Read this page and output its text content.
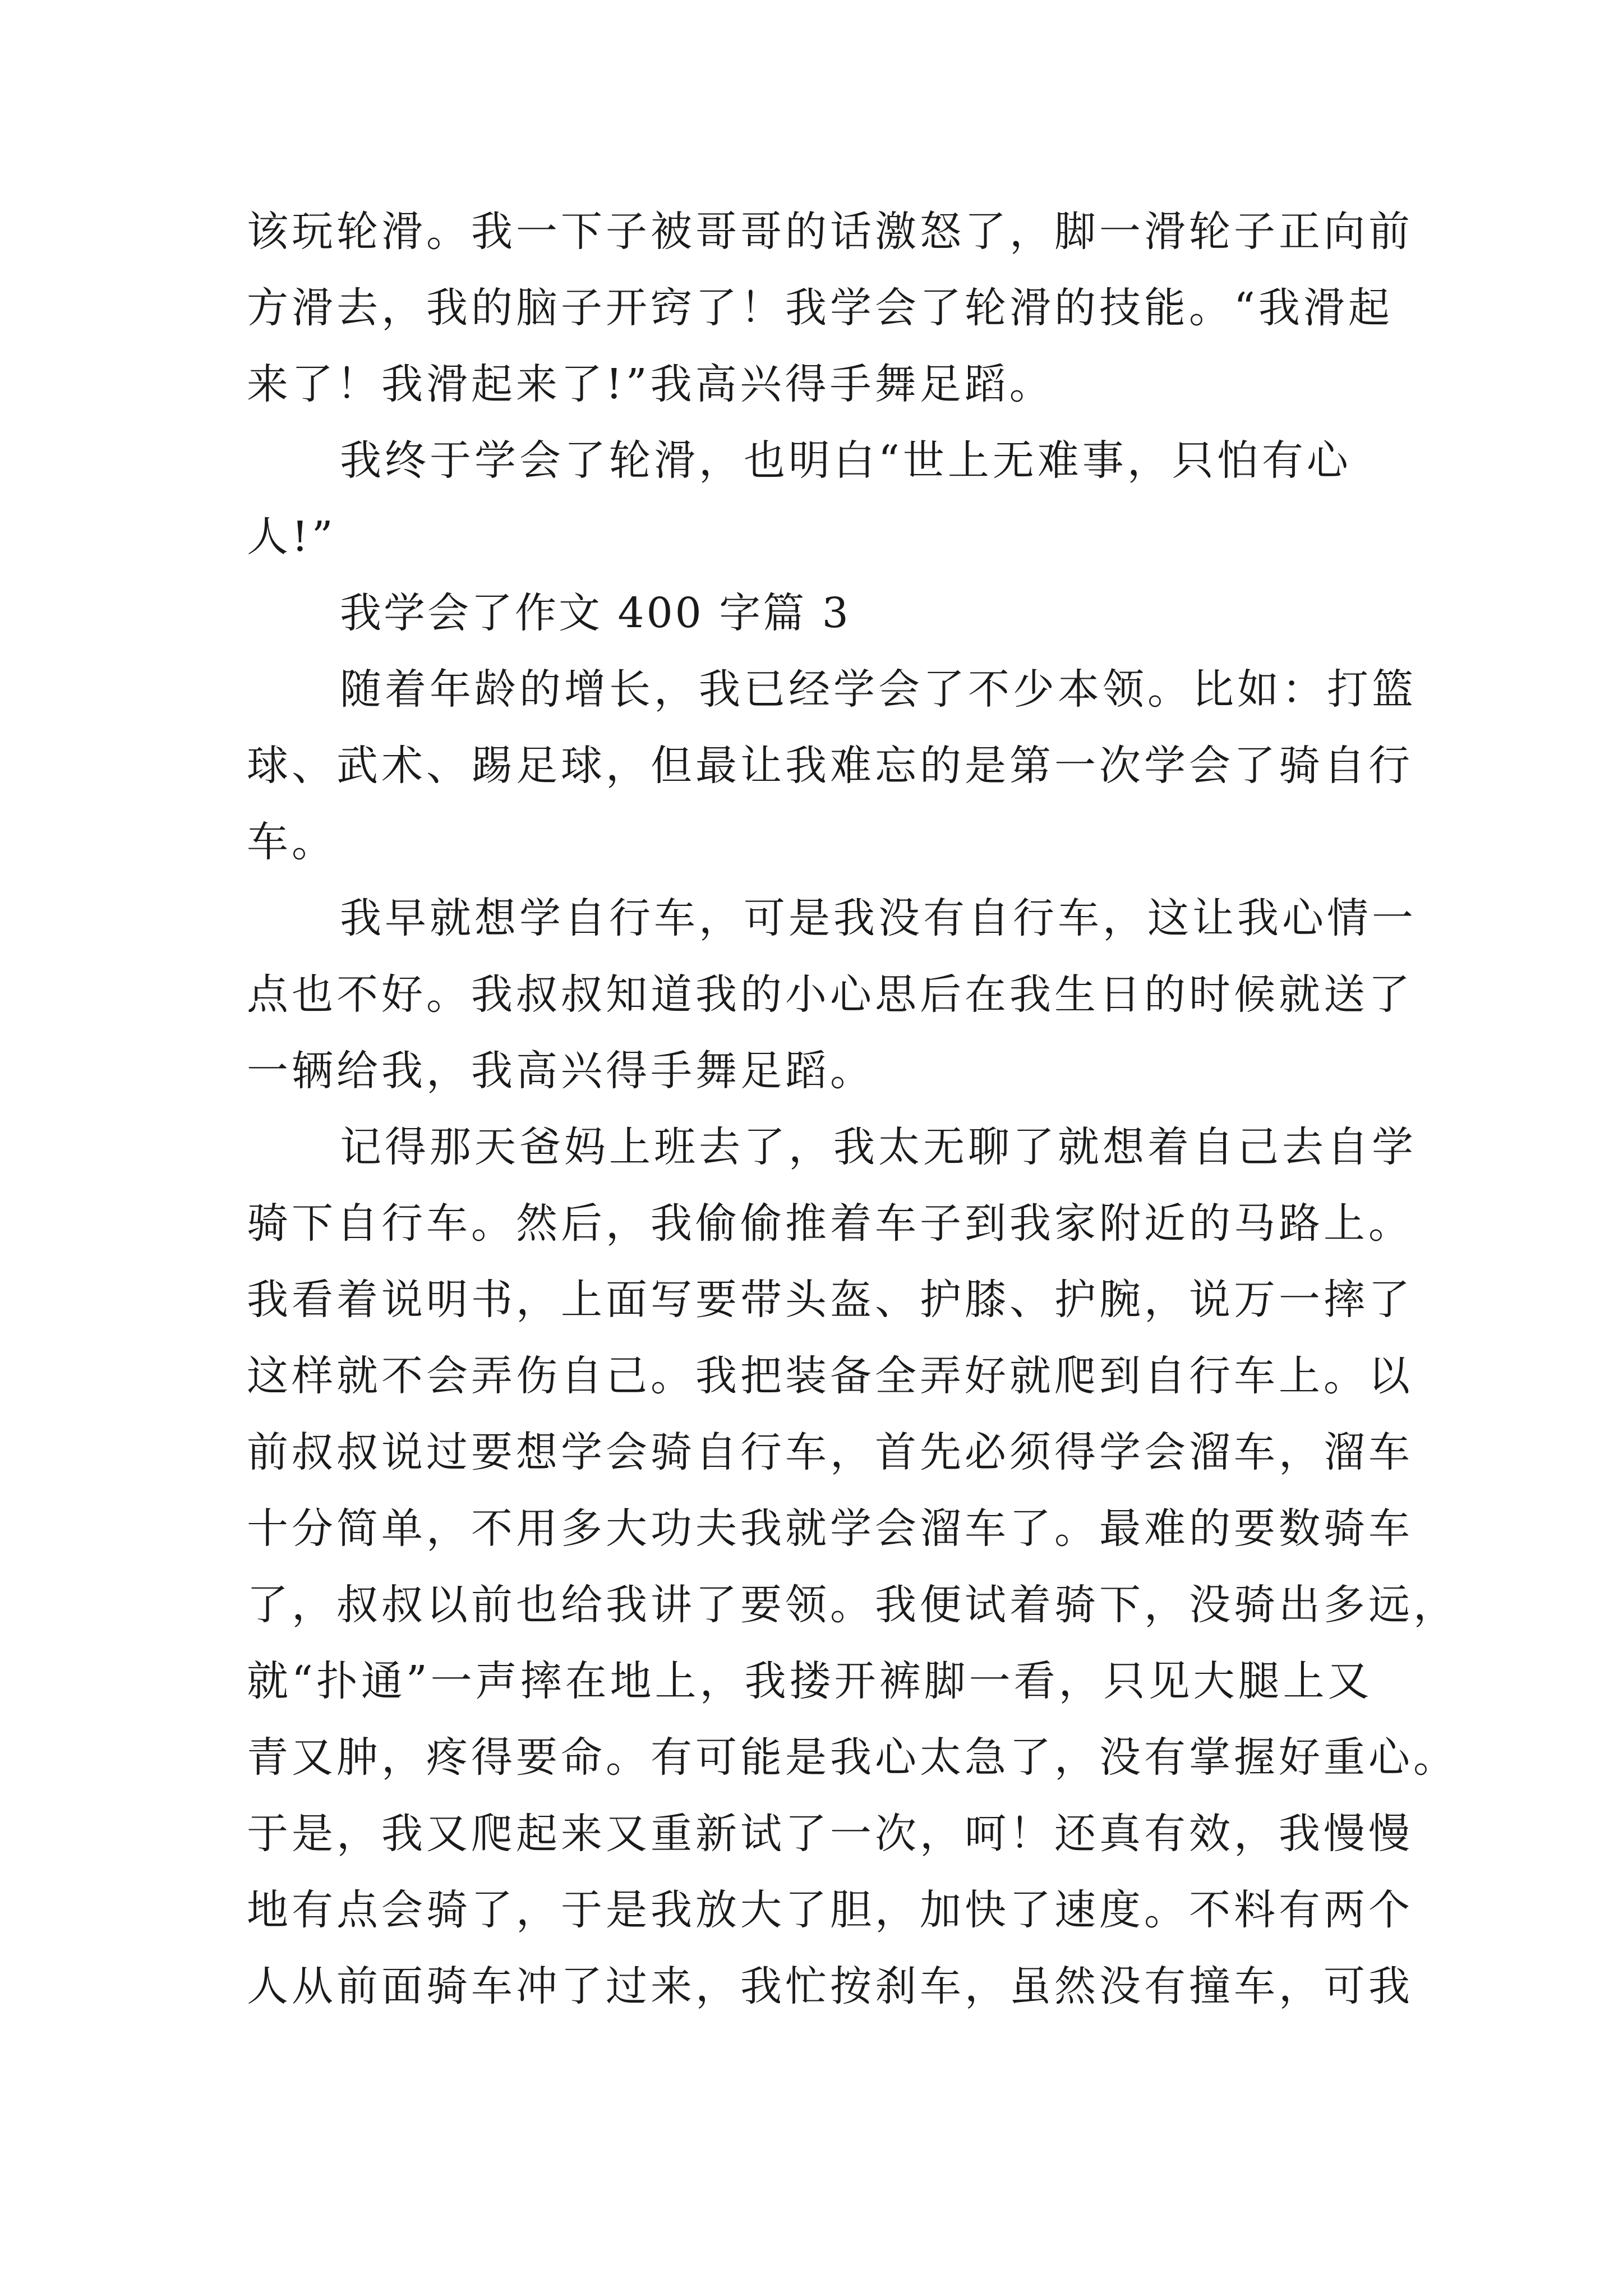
该玩轮滑。我一下子被哥哥的话激怒了，脚一滑轮子正向前
方滑去，我的脑子开窍了！我学会了轮滑的技能。“我滑起
来了！我滑起来了!”我高兴得手舞足蹈。
我终于学会了轮滑，也明白“世上无难事，只怕有心
人!”
我学会了作文 400 字篇 3
随着年龄的增长，我已经学会了不少本领。比如：打篮
球、武术、踢足球，但最让我难忘的是第一次学会了骑自行
车。
我早就想学自行车，可是我没有自行车，这让我心情一
点也不好。我叔叔知道我的小心思后在我生日的时候就送了
一辆给我，我高兴得手舞足蹈。
记得那天爸妈上班去了，我太无聊了就想着自己去自学
骑下自行车。然后，我偷偷推着车子到我家附近的马路上。
我看着说明书，上面写要带头盔、护膝、护腕，说万一摔了
这样就不会弄伤自己。我把装备全弄好就爬到自行车上。以
前叔叔说过要想学会骑自行车，首先必须得学会溜车，溜车
十分简单，不用多大功夫我就学会溜车了。最难的要数骑车
了，叔叔以前也给我讲了要领。我便试着骑下，没骑出多远，
就“扑通”一声摔在地上，我搂开裤脚一看，只见大腿上又
青又肿，疼得要命。有可能是我心太急了，没有掌握好重心。
于是，我又爬起来又重新试了一次，呵！还真有效，我慢慢
地有点会骑了，于是我放大了胆，加快了速度。不料有两个
人从前面骑车冲了过来，我忙按刹车，虽然没有撞车，可我
